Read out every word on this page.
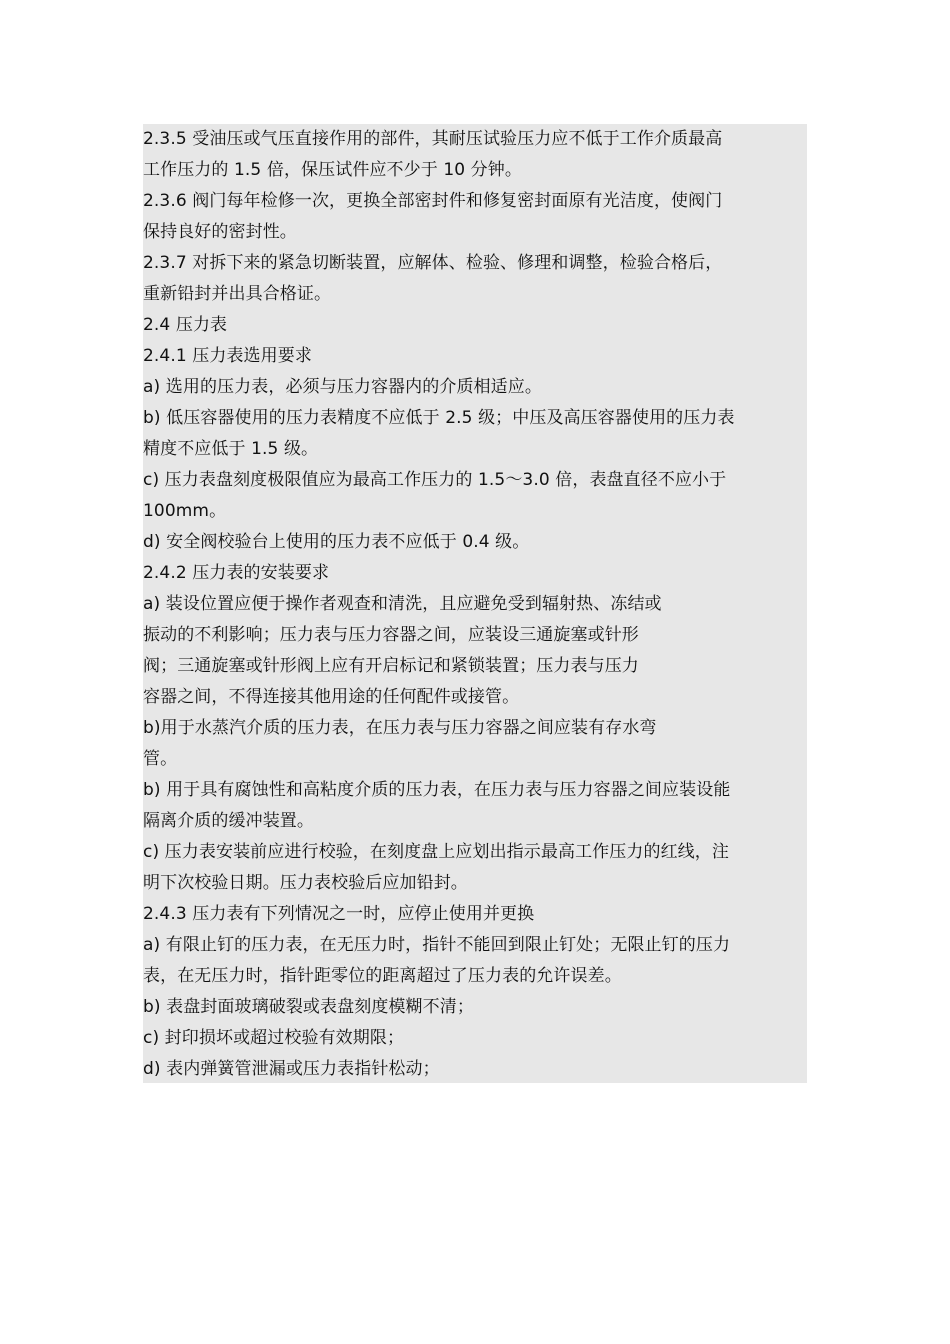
2.3.5 受油压或气压直接作用的部件，其耐压试验压力应不低于工作介质最高
工作压力的 1.5 倍，保压试件应不少于 10 分钟。
2.3.6 阀门每年检修一次，更换全部密封件和修复密封面原有光洁度，使阀门
保持良好的密封性。
2.3.7 对拆下来的紧急切断装置，应解体、检验、修理和调整，检验合格后，
重新铅封并出具合格证。
2.4 压力表
2.4.1 压力表选用要求
a) 选用的压力表，必须与压力容器内的介质相适应。
b) 低压容器使用的压力表精度不应低于 2.5 级；中压及高压容器使用的压力表
精度不应低于 1.5 级。
c) 压力表盘刻度极限值应为最高工作压力的 1.5～3.0 倍，表盘直径不应小于
100mm。
d) 安全阀校验台上使用的压力表不应低于 0.4 级。
2.4.2 压力表的安装要求
a) 装设位置应便于操作者观查和清洗，且应避免受到辐射热、冻结或
振动的不利影响；压力表与压力容器之间，应装设三通旋塞或针形
阀；三通旋塞或针形阀上应有开启标记和紧锁装置；压力表与压力
容器之间，不得连接其他用途的任何配件或接管。
b)用于水蒸汽介质的压力表，在压力表与压力容器之间应装有存水弯
管。
b) 用于具有腐蚀性和高粘度介质的压力表，在压力表与压力容器之间应装设能
隔离介质的缓冲装置。
c) 压力表安装前应进行校验，在刻度盘上应划出指示最高工作压力的红线，注
明下次校验日期。压力表校验后应加铅封。
2.4.3 压力表有下列情况之一时，应停止使用并更换
a) 有限止钉的压力表，在无压力时，指针不能回到限止钉处；无限止钉的压力
表，在无压力时，指针距零位的距离超过了压力表的允许误差。
b) 表盘封面玻璃破裂或表盘刻度模糊不清；
c) 封印损坏或超过校验有效期限；
d) 表内弹簧管泄漏或压力表指针松动；
